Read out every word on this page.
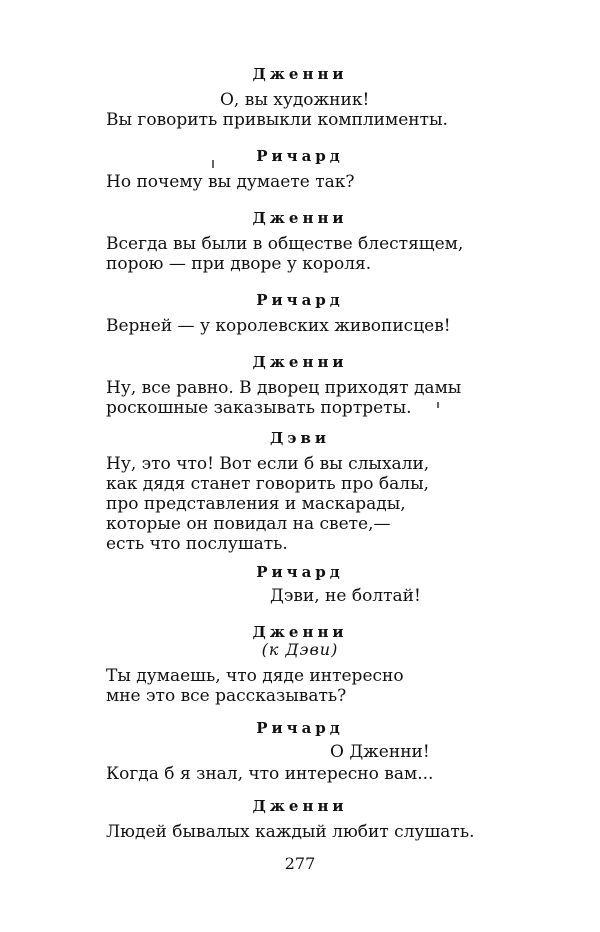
Дженни
О, вы художник!
Вы говорить привыкли комплименты.
Ричард
Но почему вы думаете так?
Дженни
Всегда вы были в обществе блестящем,
порою — при дворе у короля.
Ричард
Верней — у королевских живописцев!
Дженни
Ну, все равно. В дворец приходят дамы
роскошные заказывать портреты.
Дэви
Ну, это что! Вот если б вы слыхали,
как дядя станет говорить про балы,
про представления и маскарады,
которые он повидал на свете,—
есть что послушать.
Ричард
Дэви, не болтай!
Дженни
(к Дэви)
Ты думаешь, что дяде интересно
мне это все рассказывать?
Ричард
О Дженни!
Когда б я знал, что интересно вам...
Дженни
Людей бывалых каждый любит слушать.
277
